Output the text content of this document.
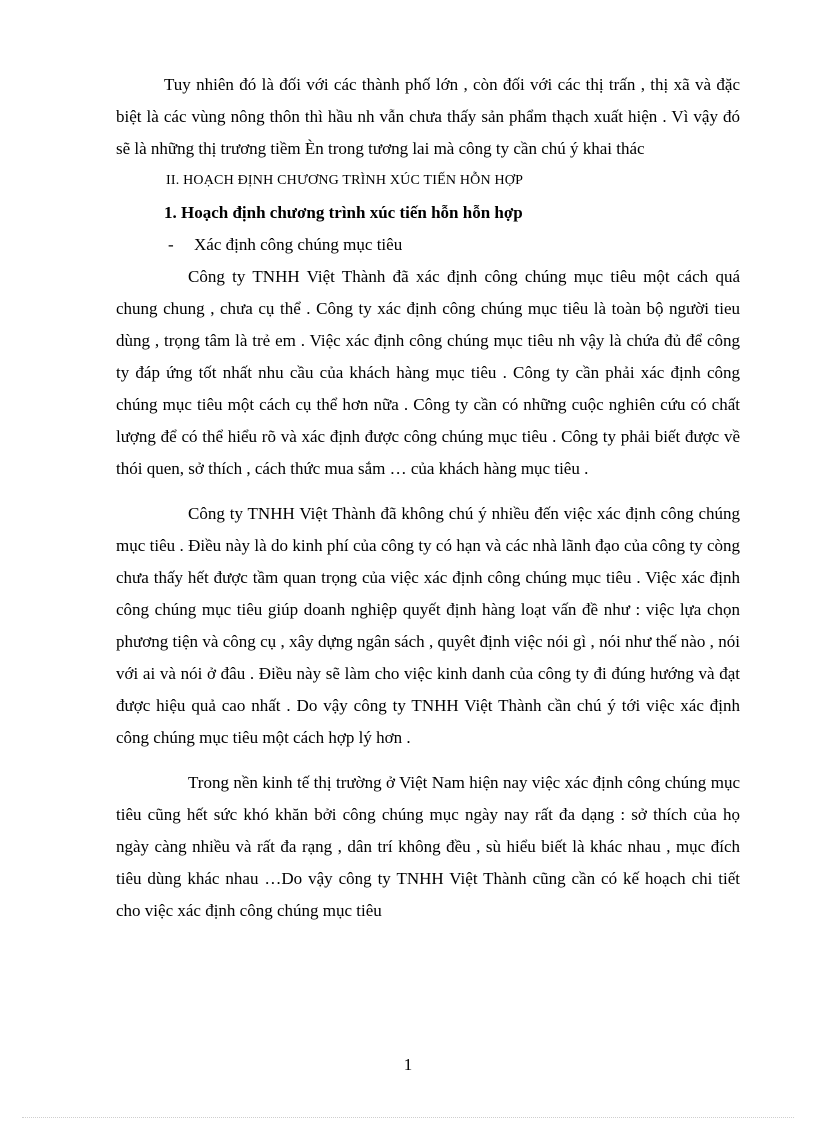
Tuy nhiên đó là đối với các thành phố lớn , còn đối với các thị trấn , thị xã và đặc biệt là các vùng nông thôn thì hầu nh vẫn chưa thấy sản phẩm thạch xuất hiện . Vì vậy đó sẽ là những thị trương tiềm Èn trong tương lai mà công ty cần chú ý khai thác

II. HOẠCH ĐỊNH CHƯƠNG TRÌNH XÚC TIẾN HỖN HỢP
1. Hoạch định chương trình xúc tiến hỗn hỗn hợp
-	Xác định công chúng mục tiêu

Công ty TNHH Việt Thành đã xác định công chúng mục tiêu một cách quá chung chung , chưa cụ thể . Công ty xác định công chúng mục tiêu là toàn bộ người tieu dùng , trọng tâm là trẻ em . Việc xác định công chúng mục tiêu nh vậy là chứa đủ để công ty đáp ứng tốt nhất nhu cầu của khách hàng mục tiêu . Công ty cần phải xác định công chúng mục tiêu một cách cụ thể hơn nữa . Công ty cần có những cuộc nghiên cứu có chất lượng để có thể hiểu rõ và xác định được công chúng mục tiêu . Công ty phải biết được về thói quen, sở thích , cách thức mua sắm … của khách hàng mục tiêu .

Công ty TNHH Việt Thành đã không chú ý nhiều đến việc xác định công chúng mục tiêu . Điều này là do kinh phí của công ty có hạn và các nhà lãnh đạo của công ty còng chưa thấy hết được tầm quan trọng của việc xác định công chúng mục tiêu . Việc xác định công chúng mục tiêu giúp doanh nghiệp quyết định hàng loạt vấn đề như : việc lựa chọn phương tiện và công cụ , xây dựng ngân sách , quyêt định việc nói gì , nói như thế nào , nói với ai và nói ở đâu . Điều này sẽ làm cho việc kinh danh của công ty đi đúng hướng và đạt được hiệu quả cao nhất . Do vậy công ty TNHH Việt Thành cần chú ý tới việc xác định công chúng mục tiêu một cách hợp lý hơn .

Trong nền kinh tế thị trường ở Việt Nam hiện nay việc xác định công chúng mục tiêu cũng hết sức khó khăn bởi công chúng mục ngày nay rất đa dạng : sở thích của họ ngày càng nhiều và rất đa rạng , dân trí không đều , sù hiểu biết là khác nhau , mục đích tiêu dùng khác nhau …Do vậy công ty TNHH Việt Thành cũng cần có kế hoạch chi tiết cho việc xác định công chúng mục tiêu

1
